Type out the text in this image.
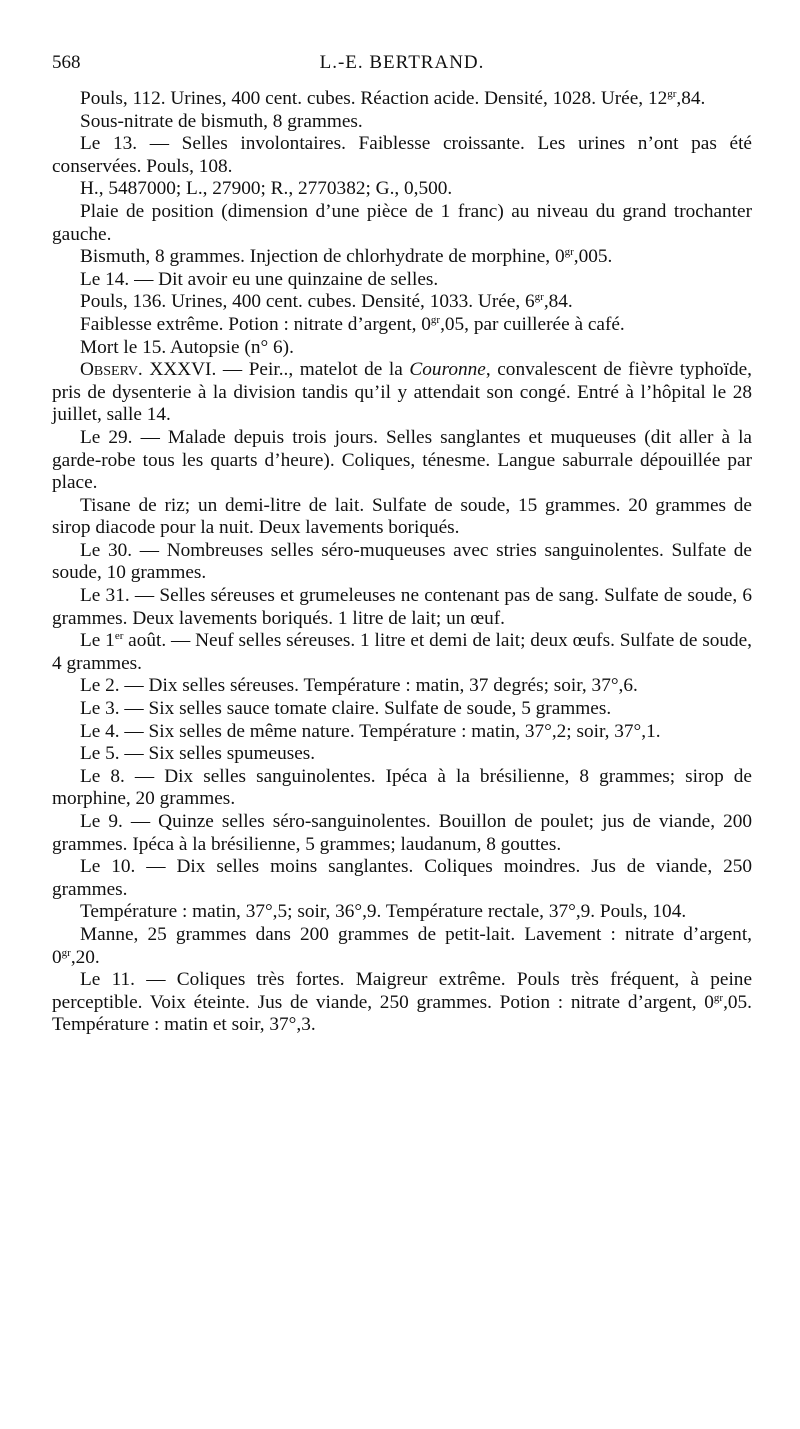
568	L.-E. BERTRAND.

Pouls, 112. Urines, 400 cent. cubes. Réaction acide. Densité, 1028. Urée, $12^{gr},84$.

Sous-nitrate de bismuth, 8 grammes.

Le 13. — Selles involontaires. Faiblesse croissante. Les urines n’ont pas été conservées. Pouls, 108.

H., 5487000; L., 27900; R., 2770382; G., 0,500.

Plaie de position (dimension d’une pièce de 1 franc) au niveau du grand trochanter gauche.

Bismuth, 8 grammes. Injection de chlorhydrate de morphine, $0^{gr},005$.

Le 14. — Dit avoir eu une quinzaine de selles.

Pouls, 136. Urines, 400 cent. cubes. Densité, 1033. Urée, $6^{gr},84$.

Faiblesse extrême. Potion : nitrate d’argent, $0^{gr},05$, par cuillerée à café.

Mort le 15. Autopsie (n° 6).

Observ. XXXVI. — Peir.., matelot de la Couronne, convalescent de fièvre typhoïde, pris de dysenterie à la division tandis qu’il y attendait son congé. Entré à l’hôpital le 28 juillet, salle 14.

Le 29. — Malade depuis trois jours. Selles sanglantes et muqueuses (dit aller à la garde-robe tous les quarts d’heure). Coliques, ténesme. Langue saburrale dépouillée par place.

Tisane de riz; un demi-litre de lait. Sulfate de soude, 15 grammes. 20 grammes de sirop diacode pour la nuit. Deux lavements boriqués.

Le 30. — Nombreuses selles séro-muqueuses avec stries sanguinolentes. Sulfate de soude, 10 grammes.

Le 31. — Selles séreuses et grumeleuses ne contenant pas de sang. Sulfate de soude, 6 grammes. Deux lavements boriqués. 1 litre de lait; un œuf.

Le 1er août. — Neuf selles séreuses. 1 litre et demi de lait; deux œufs. Sulfate de soude, 4 grammes.

Le 2. — Dix selles séreuses. Température : matin, 37 degrés; soir, 37°,6.

Le 3. — Six selles sauce tomate claire. Sulfate de soude, 5 grammes.

Le 4. — Six selles de même nature. Température : matin, 37°,2; soir, 37°,1.

Le 5. — Six selles spumeuses.

Le 8. — Dix selles sanguinolentes. Ipéca à la brésilienne, 8 grammes; sirop de morphine, 20 grammes.

Le 9. — Quinze selles séro-sanguinolentes. Bouillon de poulet; jus de viande, 200 grammes. Ipéca à la brésilienne, 5 grammes; laudanum, 8 gouttes.

Le 10. — Dix selles moins sanglantes. Coliques moindres. Jus de viande, 250 grammes.

Température : matin, 37°,5; soir, 36°,9. Température rectale, 37°,9. Pouls, 104.

Manne, 25 grammes dans 200 grammes de petit-lait. Lavement : nitrate d’argent, $0^{gr},20$.

Le 11. — Coliques très fortes. Maigreur extrême. Pouls très fréquent, à peine perceptible. Voix éteinte. Jus de viande, 250 grammes. Potion : nitrate d’argent, $0^{gr},05$. Température : matin et soir, 37°,3.
